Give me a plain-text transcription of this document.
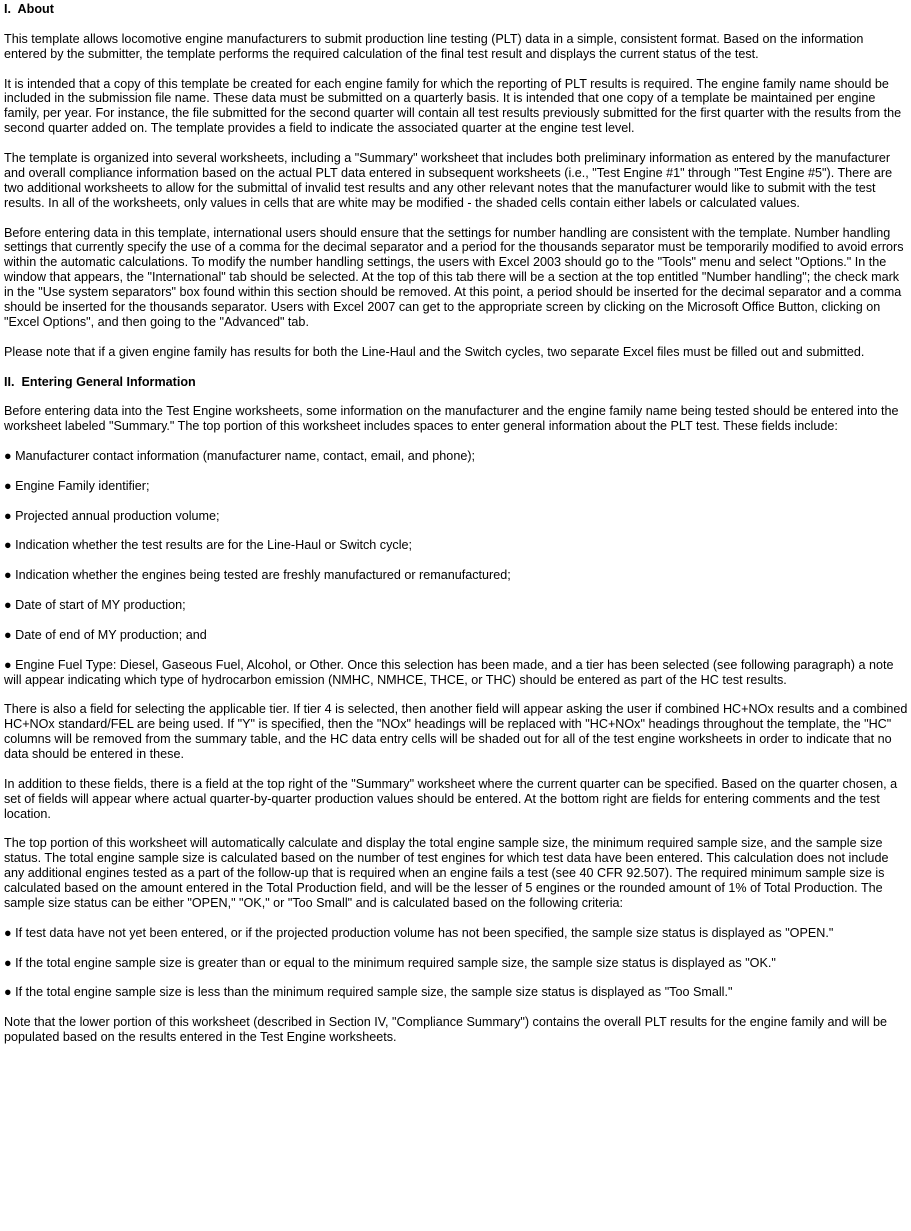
I.  About
This template allows locomotive engine manufacturers to submit production line testing (PLT) data in a simple, consistent format. Based on the information entered by the submitter, the template performs the required calculation of the final test result and displays the current status of the test.
It is intended that a copy of this template be created for each engine family for which the reporting of PLT results is required. The engine family name should be included in the submission file name. These data must be submitted on a quarterly basis. It is intended that one copy of a template be maintained per engine family, per year. For instance, the file submitted for the second quarter will contain all test results previously submitted for the first quarter with the results from the second quarter added on. The template provides a field to indicate the associated quarter at the engine test level.
The template is organized into several worksheets, including a "Summary" worksheet that includes both preliminary information as entered by the manufacturer and overall compliance information based on the actual PLT data entered in subsequent worksheets (i.e., "Test Engine #1" through "Test Engine #5"). There are two additional worksheets to allow for the submittal of invalid test results and any other relevant notes that the manufacturer would like to submit with the test results. In all of the worksheets, only values in cells that are white may be modified - the shaded cells contain either labels or calculated values.
Before entering data in this template, international users should ensure that the settings for number handling are consistent with the template. Number handling settings that currently specify the use of a comma for the decimal separator and a period for the thousands separator must be temporarily modified to avoid errors within the automatic calculations. To modify the number handling settings, the users with Excel 2003 should go to the "Tools" menu and select "Options." In the window that appears, the "International" tab should be selected. At the top of this tab there will be a section at the top entitled "Number handling"; the check mark in the "Use system separators" box found within this section should be removed. At this point, a period should be inserted for the decimal separator and a comma should be inserted for the thousands separator. Users with Excel 2007 can get to the appropriate screen by clicking on the Microsoft Office Button, clicking on "Excel Options", and then going to the "Advanced" tab.
Please note that if a given engine family has results for both the Line-Haul and the Switch cycles, two separate Excel files must be filled out and submitted.
II.  Entering General Information
Before entering data into the Test Engine worksheets, some information on the manufacturer and the engine family name being tested should be entered into the worksheet labeled "Summary." The top portion of this worksheet includes spaces to enter general information about the PLT test. These fields include:
● Manufacturer contact information (manufacturer name, contact, email, and phone);
● Engine Family identifier;
● Projected annual production volume;
● Indication whether the test results are for the Line-Haul or Switch cycle;
● Indication whether the engines being tested are freshly manufactured or remanufactured;
● Date of start of MY production;
● Date of end of MY production; and
● Engine Fuel Type: Diesel, Gaseous Fuel, Alcohol, or Other. Once this selection has been made, and a tier has been selected (see following paragraph) a note will appear indicating which type of hydrocarbon emission (NMHC, NMHCE, THCE, or THC) should be entered as part of the HC test results.
There is also a field for selecting the applicable tier. If tier 4 is selected, then another field will appear asking the user if combined HC+NOx results and a combined HC+NOx standard/FEL are being used. If "Y" is specified, then the "NOx" headings will be replaced with "HC+NOx" headings throughout the template, the "HC" columns will be removed from the summary table, and the HC data entry cells will be shaded out for all of the test engine worksheets in order to indicate that no data should be entered in these.
In addition to these fields, there is a field at the top right of the "Summary" worksheet where the current quarter can be specified. Based on the quarter chosen, a set of fields will appear where actual quarter-by-quarter production values should be entered. At the bottom right are fields for entering comments and the test location.
The top portion of this worksheet will automatically calculate and display the total engine sample size, the minimum required sample size, and the sample size status. The total engine sample size is calculated based on the number of test engines for which test data have been entered. This calculation does not include any additional engines tested as a part of the follow-up that is required when an engine fails a test (see 40 CFR 92.507). The required minimum sample size is calculated based on the amount entered in the Total Production field, and will be the lesser of 5 engines or the rounded amount of 1% of Total Production. The sample size status can be either "OPEN," "OK," or "Too Small" and is calculated based on the following criteria:
● If test data have not yet been entered, or if the projected production volume has not been specified, the sample size status is displayed as "OPEN."
● If the total engine sample size is greater than or equal to the minimum required sample size, the sample size status is displayed as "OK."
● If the total engine sample size is less than the minimum required sample size, the sample size status is displayed as "Too Small."
Note that the lower portion of this worksheet (described in Section IV, "Compliance Summary") contains the overall PLT results for the engine family and will be populated based on the results entered in the Test Engine worksheets.
